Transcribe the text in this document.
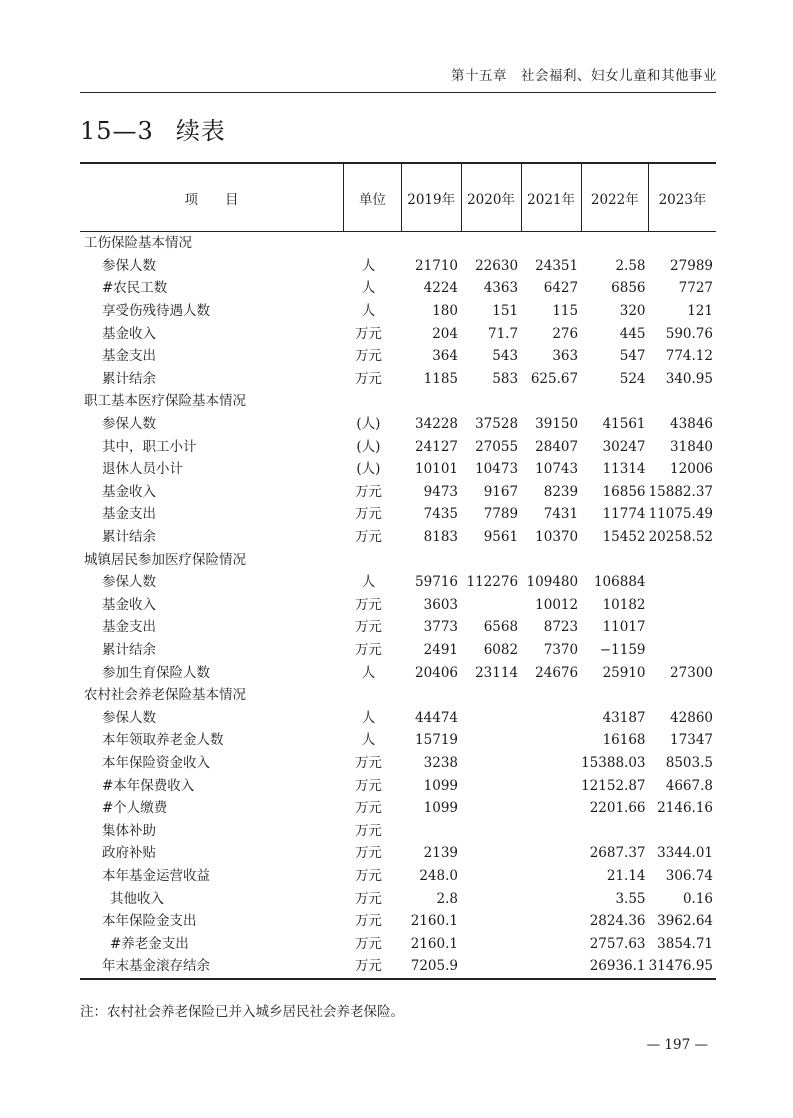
第十五章　社会福利、妇女儿童和其他事业
15—3 续表
项　　目	单位	2019年	2020年	2021年	2022年	2023年
工伤保险基本情况						
参保人数	人	21710	22630	24351	2.58	27989
#农民工数	人	4224	4363	6427	6856	7727
享受伤残待遇人数	人	180	151	115	320	121
基金收入	万元	204	71.7	276	445	590.76
基金支出	万元	364	543	363	547	774.12
累计结余	万元	1185	583	625.67	524	340.95
职工基本医疗保险基本情况						
参保人数	(人)	34228	37528	39150	41561	43846
其中，职工小计	(人)	24127	27055	28407	30247	31840
退休人员小计	(人)	10101	10473	10743	11314	12006
基金收入	万元	9473	9167	8239	16856	15882.37
基金支出	万元	7435	7789	7431	11774	11075.49
累计结余	万元	8183	9561	10370	15452	20258.52
城镇居民参加医疗保险情况						
参保人数	人	59716	112276	109480	106884	
基金收入	万元	3603		10012	10182	
基金支出	万元	3773	6568	8723	11017	
累计结余	万元	2491	6082	7370	−1159	
参加生育保险人数	人	20406	23114	24676	25910	27300
农村社会养老保险基本情况						
参保人数	人	44474			43187	42860
本年领取养老金人数	人	15719			16168	17347
本年保险资金收入	万元	3238			15388.03	8503.5
#本年保费收入	万元	1099			12152.87	4667.8
#个人缴费	万元	1099			2201.66	2146.16
集体补助	万元					
政府补贴	万元	2139			2687.37	3344.01
本年基金运营收益	万元	248.0			21.14	306.74
其他收入	万元	2.8			3.55	0.16
本年保险金支出	万元	2160.1			2824.36	3962.64
#养老金支出	万元	2160.1			2757.63	3854.71
年末基金滚存结余	万元	7205.9			26936.1	31476.95
注：农村社会养老保险已并入城乡居民社会养老保险。
— 197 —
